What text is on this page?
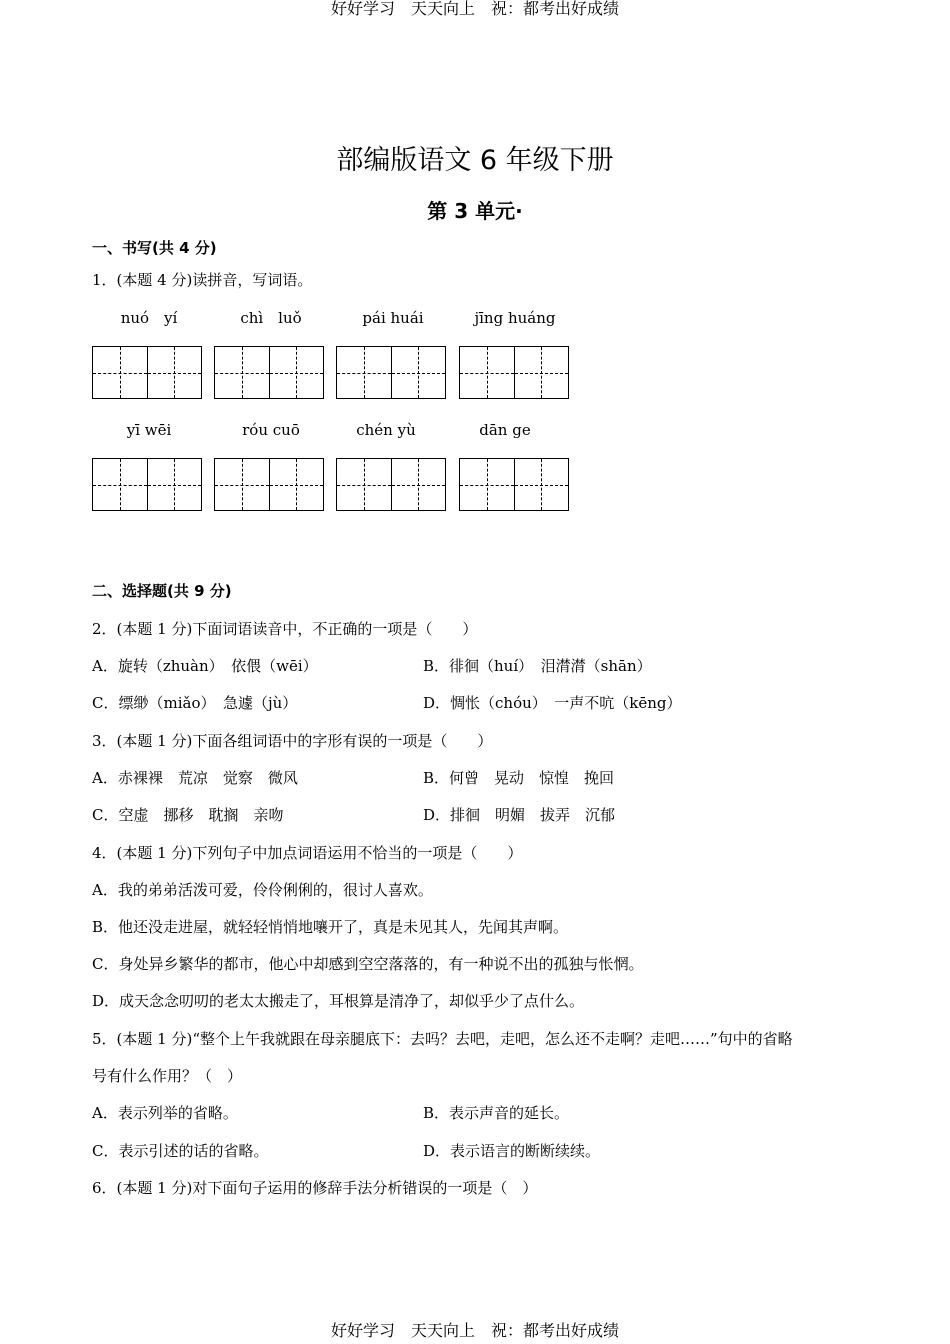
好好学习　天天向上　祝：都考出好成绩
部编版语文 6 年级下册
第 3 单元·
一、书写(共 4 分)
1．(本题 4 分)读拼音，写词语。
nuó　yí	chì　luǒ	pái huái	jīng huáng
yī wēi	róu cuō	chén yù	dān ge
二、选择题(共 9 分)
2．(本题 1 分)下面词语读音中，不正确的一项是（　　）
A．旋转（zhuàn）　依偎（wēi）	B．徘徊（huí）　泪潸潸（shān）
C．缥缈（miǎo）　急遽（jù）	D．惆怅（chóu）　一声不吭（kēng）
3．(本题 1 分)下面各组词语中的字形有误的一项是（　　）
A．赤裸裸　荒凉　觉察　微风	B．何曾　晃动　惊惶　挽回
C．空虚　挪移　耽搁　亲吻	D．排徊　明媚　拔弄　沉郁
4．(本题 1 分)下列句子中加点词语运用不恰当的一项是（　　）
A．我的弟弟活泼可爱，伶伶俐俐的，很讨人喜欢。
B．他还没走进屋，就轻轻悄悄地嚷开了，真是未见其人，先闻其声啊。
C．身处异乡繁华的都市，他心中却感到空空落落的，有一种说不出的孤独与怅惘。
D．成天念念叨叨的老太太搬走了，耳根算是清净了，却似乎少了点什么。
5．(本题 1 分)“整个上午我就跟在母亲腿底下：去吗？去吧，走吧，怎么还不走啊？走吧……”句中的省略
号有什么作用？（　）
A．表示列举的省略。	B．表示声音的延长。
C．表示引述的话的省略。	D．表示语言的断断续续。
6．(本题 1 分)对下面句子运用的修辞手法分析错误的一项是（　）
好好学习　天天向上　祝：都考出好成绩
